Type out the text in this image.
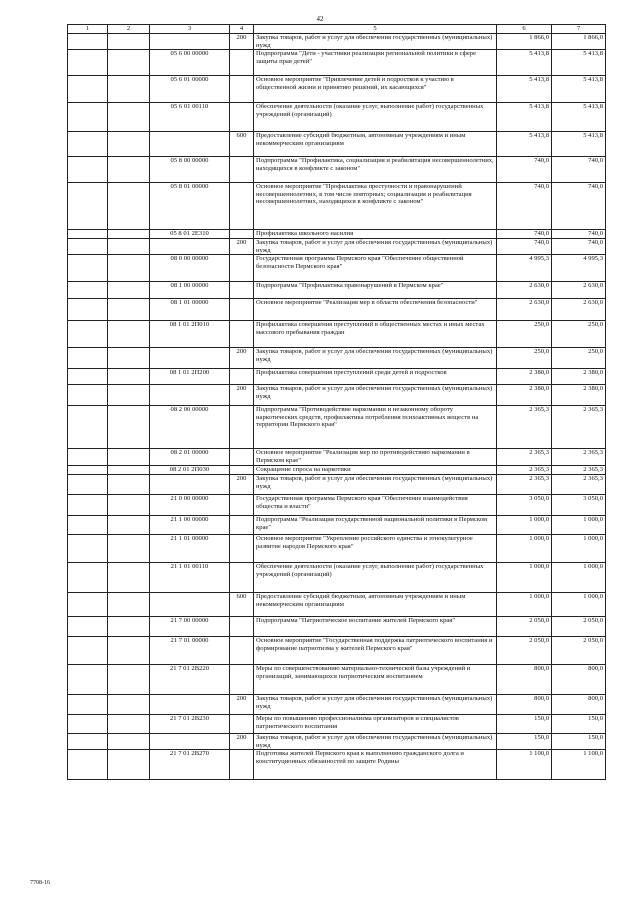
42
1	2	3	4	5	6	7
			200	Закупка товаров, работ и услуг для обеспечения государственных (муниципальных) нужд	1 866,0	1 866,0
		05 6 00 00000		Подпрограмма "Дети - участники реализации региональной политики в сфере защиты прав детей"	5 413,8	5 413,8
		05 6 01 00000		Основное мероприятие "Привлечение детей и подростков к участию в общественной жизни и принятию решений, их касающихся"	5 413,8	5 413,8
		05 6 01 00110		Обеспечение деятельности (оказание услуг, выполнение работ) государственных учреждений (организаций)	5 413,8	5 413,8
			600	Предоставление субсидий бюджетным, автономным учреждениям и иным некоммерческим организациям	5 413,8	5 413,8
		05 8 00 00000		Подпрограмма "Профилактика, социализация и реабилитация несовершеннолетних, находящихся в конфликте с законом"	740,0	740,0
		05 8 01 00000		Основное мероприятие "Профилактика преступности и правонарушений несовершеннолетних, в том числе повторных; социализация и реабилитация несовершеннолетних, находящихся в конфликте с законом"	740,0	740,0
		05 8 01 2Е310		Профилактика школьного насилия	740,0	740,0
			200	Закупка товаров, работ и услуг для обеспечения государственных (муниципальных) нужд	740,0	740,0
		08 0 00 00000		Государственная программа Пермского края "Обеспечение общественной безопасности Пермского края"	4 995,3	4 995,3
		08 1 00 00000		Подпрограмма "Профилактика правонарушений в Пермском крае"	2 630,0	2 630,0
		08 1 01 00000		Основное мероприятие "Реализация мер в области обеспечения безопасности"	2 630,0	2 630,0
		08 1 01 2П010		Профилактика совершения преступлений в общественных местах и иных местах массового пребывания граждан	250,0	250,0
			200	Закупка товаров, работ и услуг для обеспечения государственных (муниципальных) нужд	250,0	250,0
		08 1 01 2П200		Профилактика совершения преступлений среди детей и подростков	2 380,0	2 380,0
			200	Закупка товаров, работ и услуг для обеспечения государственных (муниципальных) нужд	2 380,0	2 380,0
		08 2 00 00000		Подпрограмма "Противодействие наркомании и незаконному обороту наркотических средств, профилактика потребления психоактивных веществ на территории Пермского края"	2 365,3	2 365,3
		08 2 01 00000		Основное мероприятие "Реализация мер по противодействию наркомании в Пермском крае"	2 365,3	2 365,3
		08 2 01 2П030		Сокращение спроса на наркотики	2 365,3	2 365,3
			200	Закупка товаров, работ и услуг для обеспечения государственных (муниципальных) нужд	2 365,3	2 365,3
		21 0 00 00000		Государственная программа Пермского края "Обеспечение взаимодействия общества и власти"	3 050,0	3 050,0
		21 1 00 00000		Подпрограмма "Реализация государственной национальной политики в Пермском крае"	1 000,0	1 000,0
		21 1 01 00000		Основное мероприятие "Укрепление российского единства и этнокультурное развитие народов Пермского края"	1 000,0	1 000,0
		21 1 01 00110		Обеспечение деятельности (оказание услуг, выполнение работ) государственных учреждений (организаций)	1 000,0	1 000,0
			600	Предоставление субсидий бюджетным, автономным учреждениям и иным некоммерческим организациям	1 000,0	1 000,0
		21 7 00 00000		Подпрограмма "Патриотическое воспитание жителей Пермского края"	2 050,0	2 050,0
		21 7 01 00000		Основное мероприятие "Государственная поддержка патриотического воспитания и формирование патриотизма у жителей Пермского края"	2 050,0	2 050,0
		21 7 01 2В220		Меры по совершенствованию материально-технической базы учреждений и организаций, занимающихся патриотическим воспитанием	800,0	800,0
			200	Закупка товаров, работ и услуг для обеспечения государственных (муниципальных) нужд	800,0	800,0
		21 7 01 2В230		Меры по повышению профессионализма организаторов и специалистов патриотического воспитания	150,0	150,0
			200	Закупка товаров, работ и услуг для обеспечения государственных (муниципальных) нужд	150,0	150,0
		21 7 01 2В270		Подготовка жителей Пермского края к выполнению гражданского долга и конституционных обязанностей по защите Родины	1 100,0	1 100,0
7708-16
